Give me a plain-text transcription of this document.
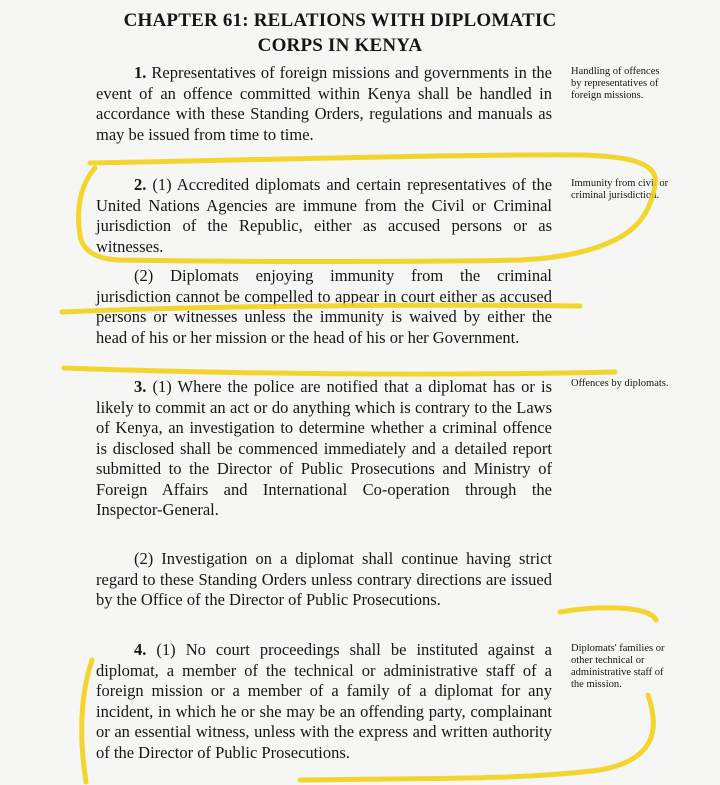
CHAPTER 61: RELATIONS WITH DIPLOMATIC
CORPS IN KENYA
1. Representatives of foreign missions and governments in the event of an offence committed within Kenya shall be handled in accordance with these Standing Orders, regulations and manuals as may be issued from time to time.
Handling of offences by representatives of foreign missions.
2. (1) Accredited diplomats and certain representatives of the United Nations Agencies are immune from the Civil or Criminal jurisdiction of the Republic, either as accused persons or as witnesses.
Immunity from civil or criminal jurisdiction.
(2) Diplomats enjoying immunity from the criminal jurisdiction cannot be compelled to appear in court either as accused persons or witnesses unless the immunity is waived by either the head of his or her mission or the head of his or her Government.
3. (1) Where the police are notified that a diplomat has or is likely to commit an act or do anything which is contrary to the Laws of Kenya, an investigation to determine whether a criminal offence is disclosed shall be commenced immediately and a detailed report submitted to the Director of Public Prosecutions and Ministry of Foreign Affairs and International Co-operation through the Inspector-General.
Offences by diplomats.
(2) Investigation on a diplomat shall continue having strict regard to these Standing Orders unless contrary directions are issued by the Office of the Director of Public Prosecutions.
4. (1) No court proceedings shall be instituted against a diplomat, a member of the technical or administrative staff of a foreign mission or a member of a family of a diplomat for any incident, in which he or she may be an offending party, complainant or an essential witness, unless with the express and written authority of the Director of Public Prosecutions.
Diplomats' families or other technical or administrative staff of the mission.
